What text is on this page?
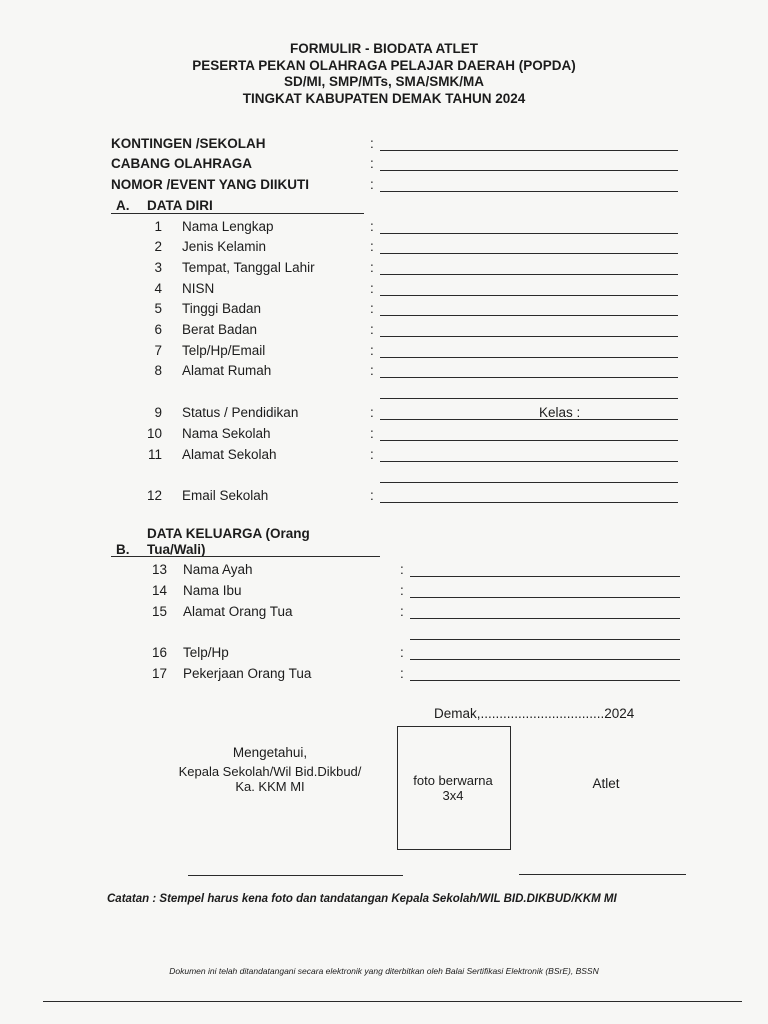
FORMULIR - BIODATA ATLET
PESERTA PEKAN OLAHRAGA PELAJAR DAERAH (POPDA)
SD/MI, SMP/MTs, SMA/SMK/MA
TINGKAT KABUPATEN DEMAK TAHUN 2024
KONTINGEN /SEKOLAH	:
CABANG OLAHRAGA	:
NOMOR /EVENT YANG DIIKUTI	:
A. DATA DIRI
1 Nama Lengkap	:
2 Jenis Kelamin	:
3 Tempat, Tanggal Lahir	:
4 NISN	:
5 Tinggi Badan	:
6 Berat Badan	:
7 Telp/Hp/Email	:
8 Alamat Rumah	:
9 Status / Pendidikan	:	Kelas :
10 Nama Sekolah	:
11 Alamat Sekolah	:
12 Email Sekolah	:
DATA KELUARGA (Orang
B. Tua/Wali)
13 Nama Ayah	:
14 Nama Ibu	:
15 Alamat Orang Tua	:
16 Telp/Hp	:
17 Pekerjaan Orang Tua	:
Demak,.................................2024
Mengetahui,
Kepala Sekolah/Wil Bid.Dikbud/
Ka. KKM MI	foto berwarna
3x4
Atlet
Catatan : Stempel harus kena foto dan tandatangan Kepala Sekolah/WIL BID.DIKBUD/KKM MI
Dokumen ini telah ditandatangani secara elektronik yang diterbitkan oleh Balai Sertifikasi Elektronik (BSrE), BSSN
